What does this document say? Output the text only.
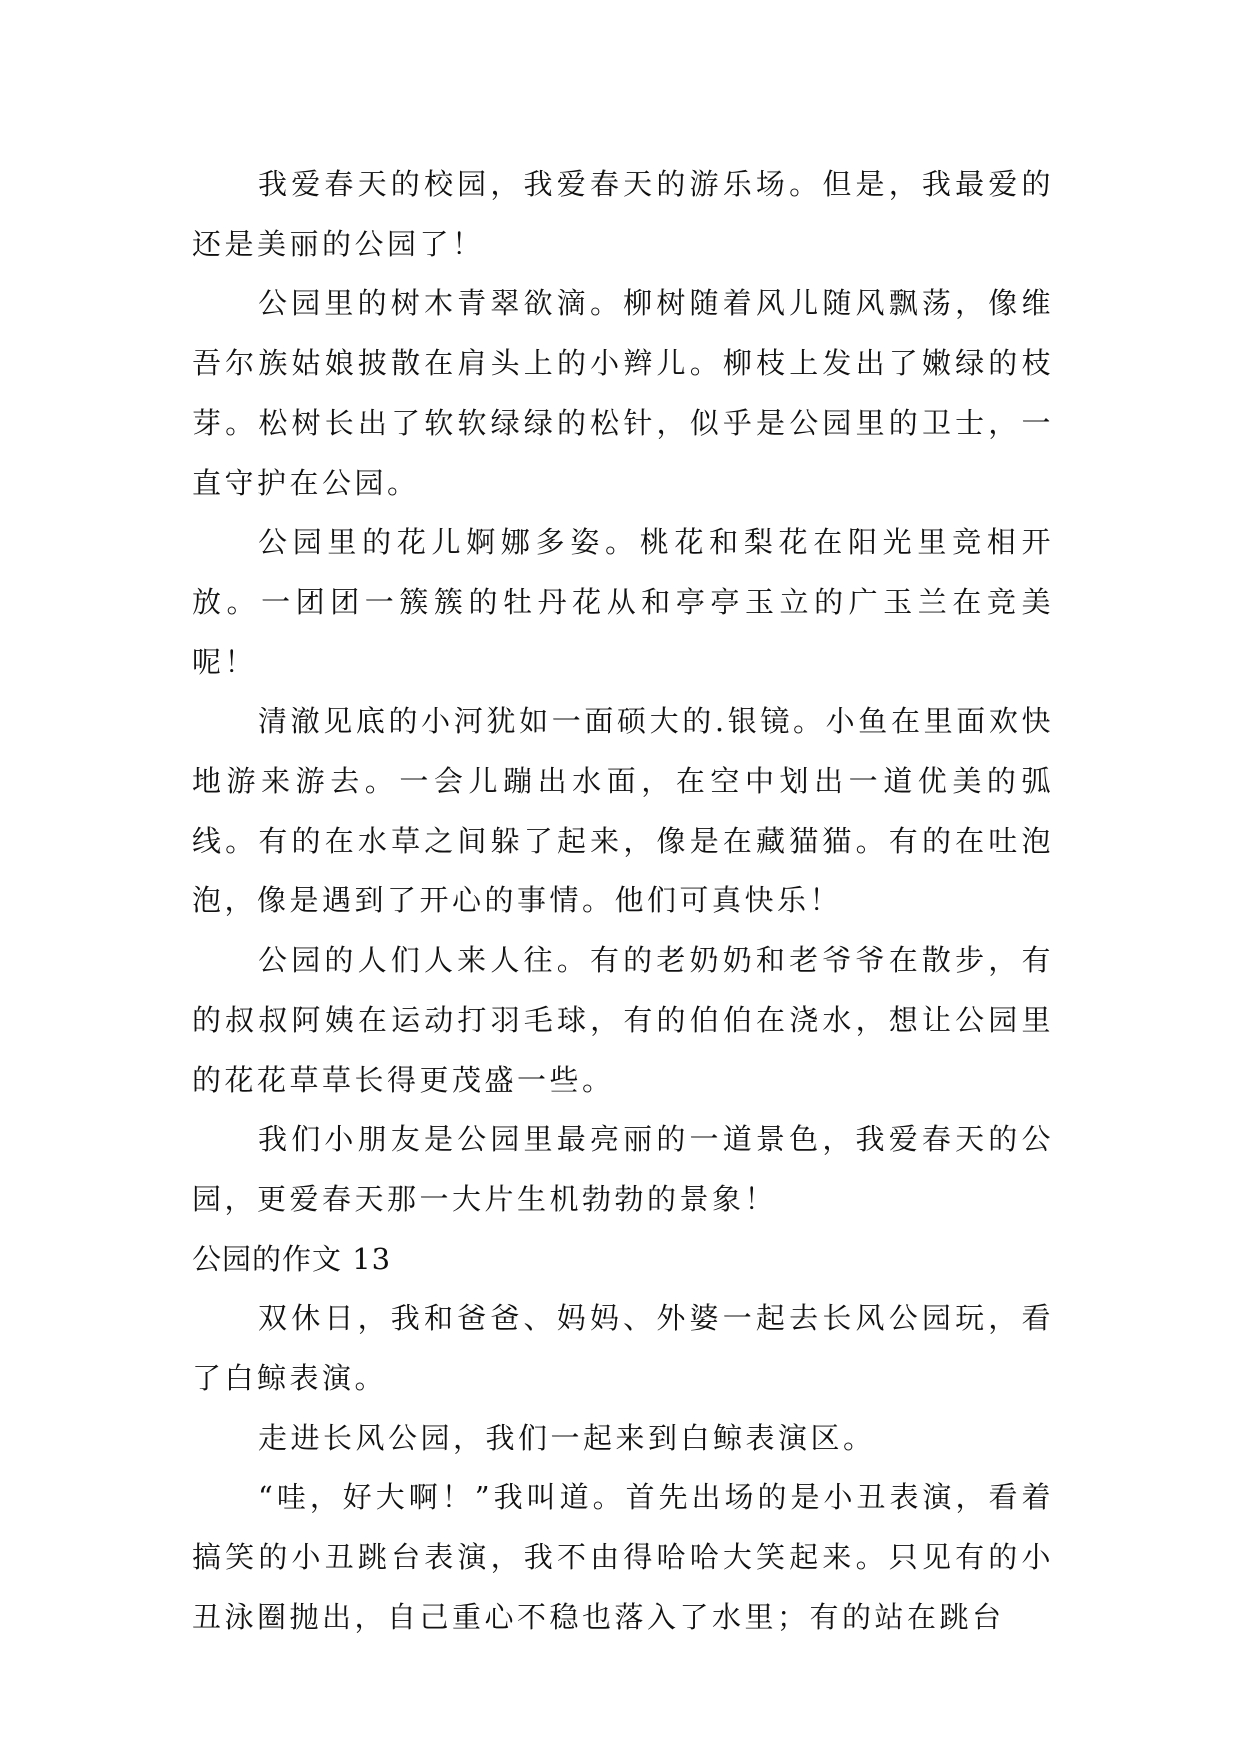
我爱春天的校园，我爱春天的游乐场。但是，我最爱的还是美丽的公园了！

公园里的树木青翠欲滴。柳树随着风儿随风飘荡，像维吾尔族姑娘披散在肩头上的小辫儿。柳枝上发出了嫩绿的枝芽。松树长出了软软绿绿的松针，似乎是公园里的卫士，一直守护在公园。

公园里的花儿婀娜多姿。桃花和梨花在阳光里竞相开放。一团团一簇簇的牡丹花从和亭亭玉立的广玉兰在竞美呢！

清澈见底的小河犹如一面硕大的.银镜。小鱼在里面欢快地游来游去。一会儿蹦出水面，在空中划出一道优美的弧线。有的在水草之间躲了起来，像是在藏猫猫。有的在吐泡泡，像是遇到了开心的事情。他们可真快乐！

公园的人们人来人往。有的老奶奶和老爷爷在散步，有的叔叔阿姨在运动打羽毛球，有的伯伯在浇水，想让公园里的花花草草长得更茂盛一些。

我们小朋友是公园里最亮丽的一道景色，我爱春天的公园，更爱春天那一大片生机勃勃的景象！

公园的作文 13

双休日，我和爸爸、妈妈、外婆一起去长风公园玩，看了白鲸表演。

走进长风公园，我们一起来到白鲸表演区。

“哇，好大啊！”我叫道。首先出场的是小丑表演，看着搞笑的小丑跳台表演，我不由得哈哈大笑起来。只见有的小丑泳圈抛出，自己重心不稳也落入了水里；有的站在跳台
